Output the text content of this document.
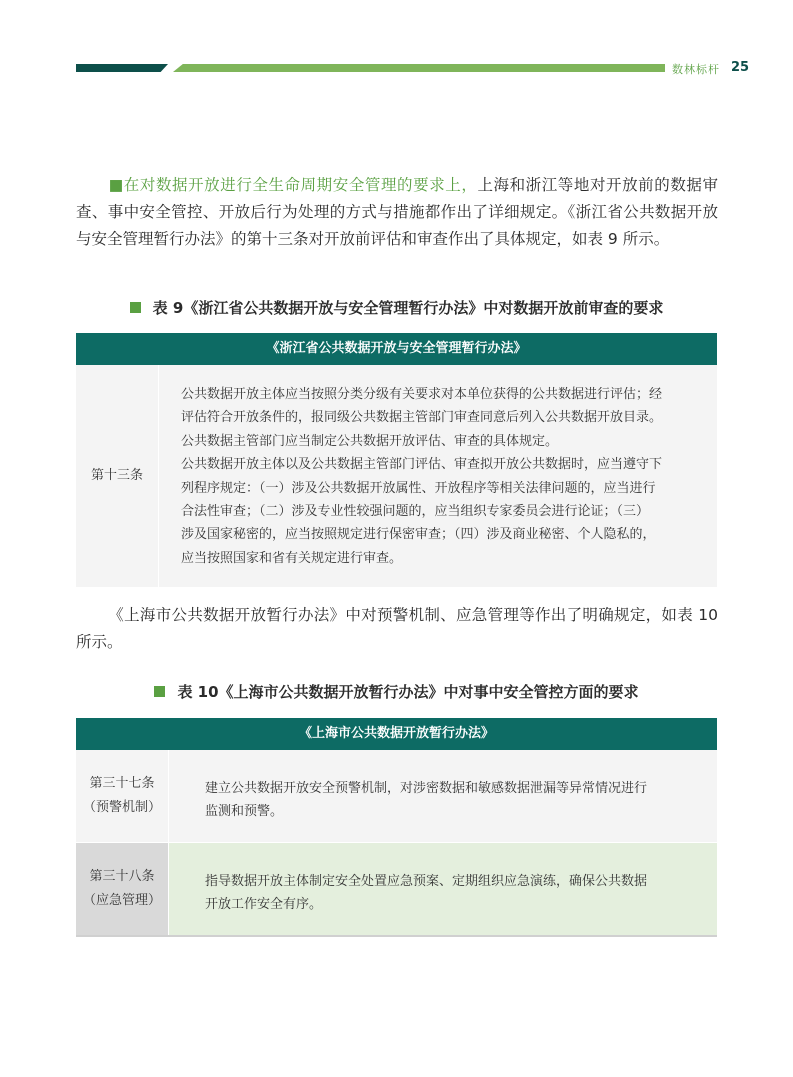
数林标杆 25
■在对数据开放进行全生命周期安全管理的要求上，上海和浙江等地对开放前的数据审查、事中安全管控、开放后行为处理的方式与措施都作出了详细规定。《浙江省公共数据开放与安全管理暂行办法》的第十三条对开放前评估和审查作出了具体规定，如表 9 所示。
表 9《浙江省公共数据开放与安全管理暂行办法》中对数据开放前审查的要求
《浙江省公共数据开放与安全管理暂行办法》
第十三条
公共数据开放主体应当按照分类分级有关要求对本单位获得的公共数据进行评估；经
评估符合开放条件的，报同级公共数据主管部门审查同意后列入公共数据开放目录。
公共数据主管部门应当制定公共数据开放评估、审查的具体规定。
公共数据开放主体以及公共数据主管部门评估、审查拟开放公共数据时，应当遵守下
列程序规定：（一）涉及公共数据开放属性、开放程序等相关法律问题的，应当进行
合法性审查；（二）涉及专业性较强问题的，应当组织专家委员会进行论证；（三）
涉及国家秘密的，应当按照规定进行保密审查；（四）涉及商业秘密、个人隐私的，
应当按照国家和省有关规定进行审查。
《上海市公共数据开放暂行办法》中对预警机制、应急管理等作出了明确规定，如表 10 所示。
表 10《上海市公共数据开放暂行办法》中对事中安全管控方面的要求
《上海市公共数据开放暂行办法》
第三十七条
（预警机制）
建立公共数据开放安全预警机制，对涉密数据和敏感数据泄漏等异常情况进行
监测和预警。
第三十八条
（应急管理）
指导数据开放主体制定安全处置应急预案、定期组织应急演练，确保公共数据
开放工作安全有序。
